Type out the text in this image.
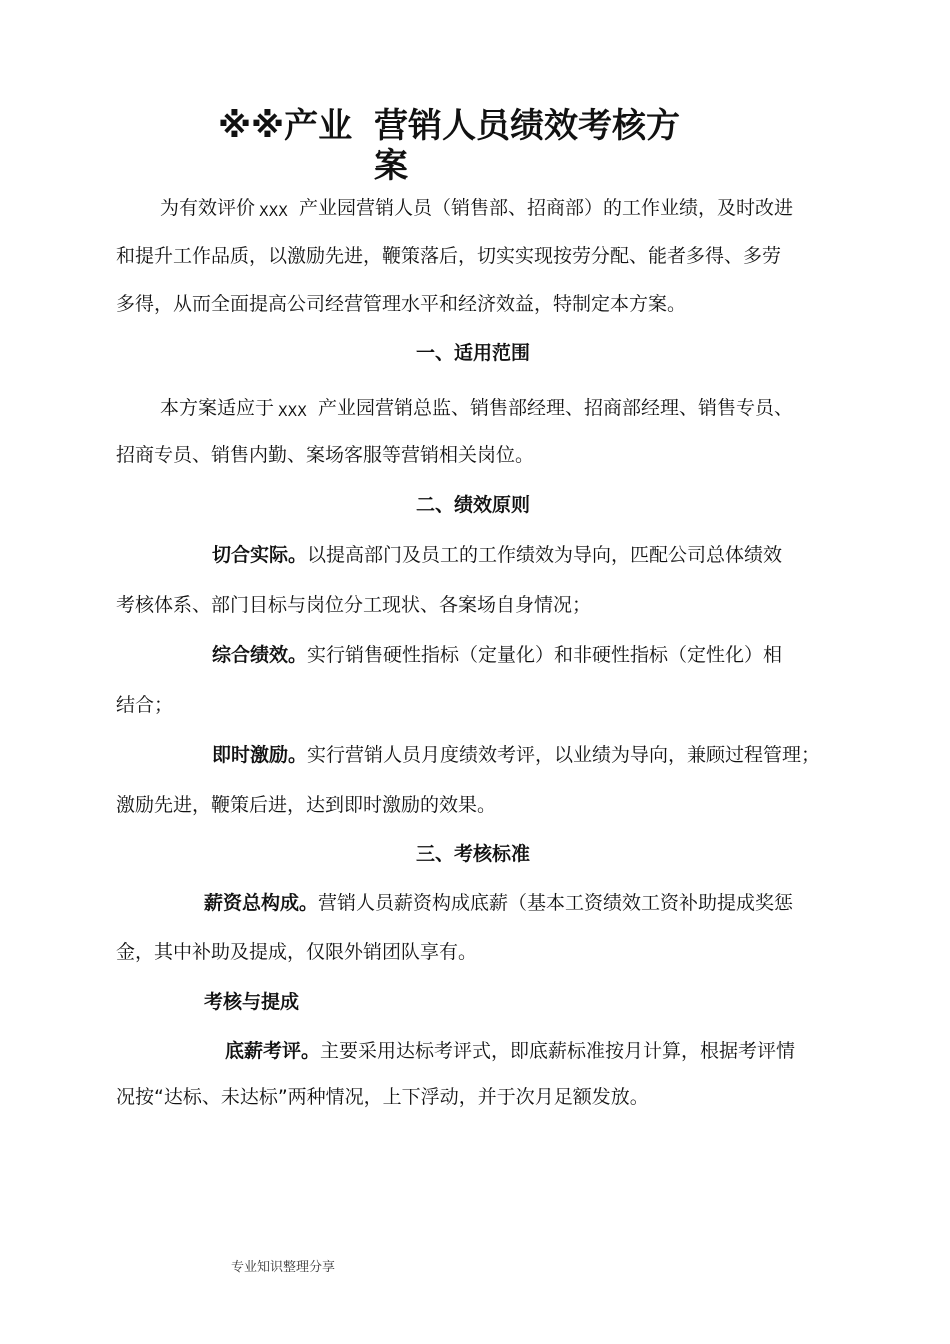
※※产业 营销人员绩效考核方
案
为有效评价 XXX 产业园营销人员（销售部、招商部）的工作业绩，及时改进
和提升工作品质，以激励先进，鞭策落后，切实实现按劳分配、能者多得、多劳
多得，从而全面提高公司经营管理水平和经济效益，特制定本方案。
一、适用范围
本方案适应于 XXX 产业园营销总监、销售部经理、招商部经理、销售专员、
招商专员、销售内勤、案场客服等营销相关岗位。
二、绩效原则
切合实际。以提高部门及员工的工作绩效为导向，匹配公司总体绩效
考核体系、部门目标与岗位分工现状、各案场自身情况；
综合绩效。实行销售硬性指标（定量化）和非硬性指标（定性化）相
结合；
即时激励。实行营销人员月度绩效考评，以业绩为导向，兼顾过程管理；
激励先进，鞭策后进，达到即时激励的效果。
三、考核标准
薪资总构成。营销人员薪资构成底薪（基本工资绩效工资补助提成奖惩
金，其中补助及提成，仅限外销团队享有。
考核与提成
底薪考评。主要采用达标考评式，即底薪标准按月计算，根据考评情
况按“达标、未达标”两种情况，上下浮动，并于次月足额发放。
专业知识整理分享
